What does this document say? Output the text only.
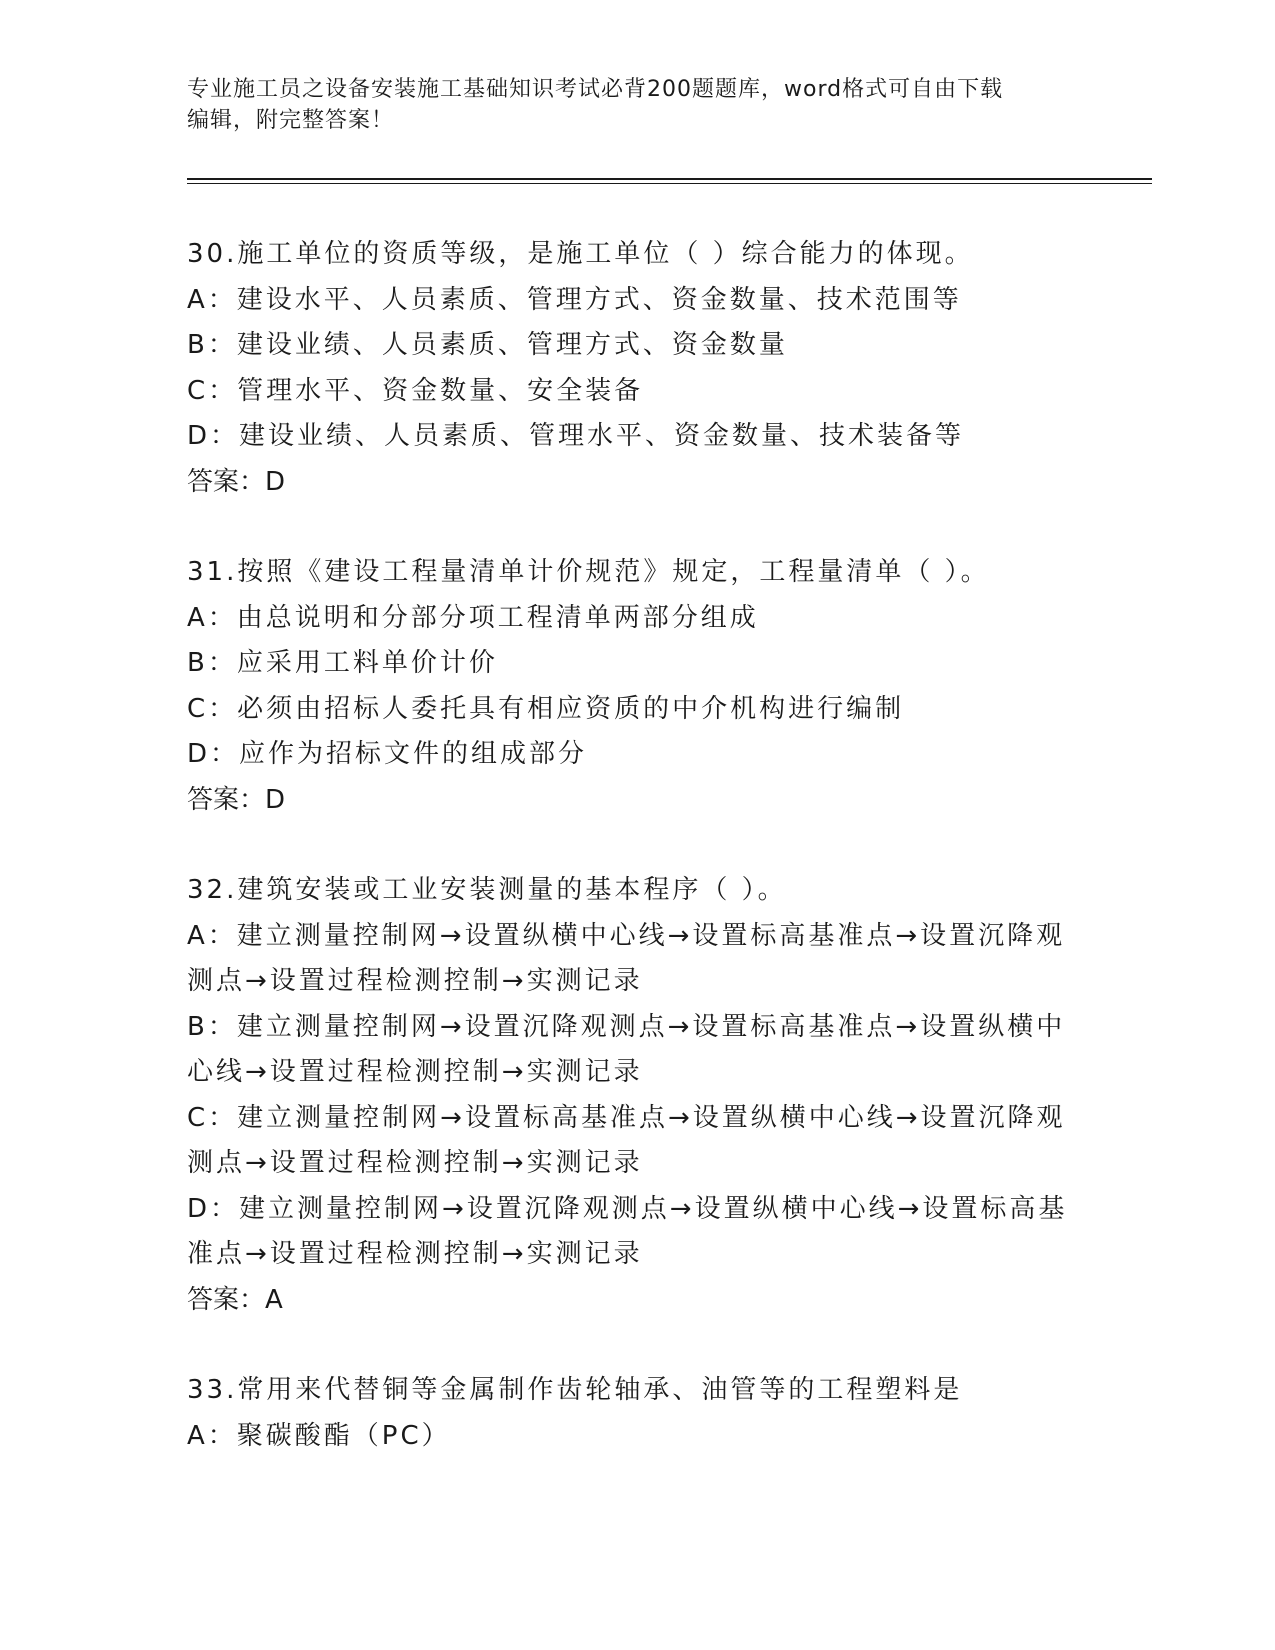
专业施工员之设备安装施工基础知识考试必背200题题库，word格式可自由下载
编辑，附完整答案！
30.施工单位的资质等级，是施工单位（ ）综合能力的体现。
A：建设水平、人员素质、管理方式、资金数量、技术范围等
B：建设业绩、人员素质、管理方式、资金数量
C：管理水平、资金数量、安全装备
D：建设业绩、人员素质、管理水平、资金数量、技术装备等
答案：D
31.按照《建设工程量清单计价规范》规定，工程量清单（ ）。
A：由总说明和分部分项工程清单两部分组成
B：应采用工料单价计价
C：必须由招标人委托具有相应资质的中介机构进行编制
D：应作为招标文件的组成部分
答案：D
32.建筑安装或工业安装测量的基本程序（ ）。
A：建立测量控制网→设置纵横中心线→设置标高基准点→设置沉降观
测点→设置过程检测控制→实测记录
B：建立测量控制网→设置沉降观测点→设置标高基准点→设置纵横中
心线→设置过程检测控制→实测记录
C：建立测量控制网→设置标高基准点→设置纵横中心线→设置沉降观
测点→设置过程检测控制→实测记录
D：建立测量控制网→设置沉降观测点→设置纵横中心线→设置标高基
准点→设置过程检测控制→实测记录
答案：A
33.常用来代替铜等金属制作齿轮轴承、油管等的工程塑料是
A：聚碳酸酯（PC）
